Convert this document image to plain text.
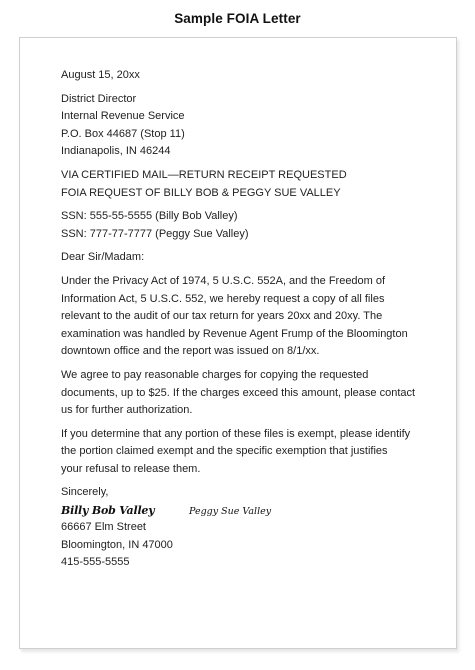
Sample FOIA Letter

August 15, 20xx

District Director
Internal Revenue Service
P.O. Box 44687 (Stop 11)
Indianapolis, IN 46244

VIA CERTIFIED MAIL—RETURN RECEIPT REQUESTED
FOIA REQUEST OF BILLY BOB & PEGGY SUE VALLEY

SSN: 555-55-5555 (Billy Bob Valley)
SSN: 777-77-7777 (Peggy Sue Valley)

Dear Sir/Madam:

Under the Privacy Act of 1974, 5 U.S.C. 552A, and the Freedom of
Information Act, 5 U.S.C. 552, we hereby request a copy of all files
relevant to the audit of our tax return for years 20xx and 20xy. The
examination was handled by Revenue Agent Frump of the Bloomington
downtown office and the report was issued on 8/1/xx.

We agree to pay reasonable charges for copying the requested
documents, up to $25. If the charges exceed this amount, please contact
us for further authorization.

If you determine that any portion of these files is exempt, please identify
the portion claimed exempt and the specific exemption that justifies
your refusal to release them.

Sincerely,
Billy Bob Valley	Peggy Sue Valley
66667 Elm Street
Bloomington, IN 47000
415-555-5555
